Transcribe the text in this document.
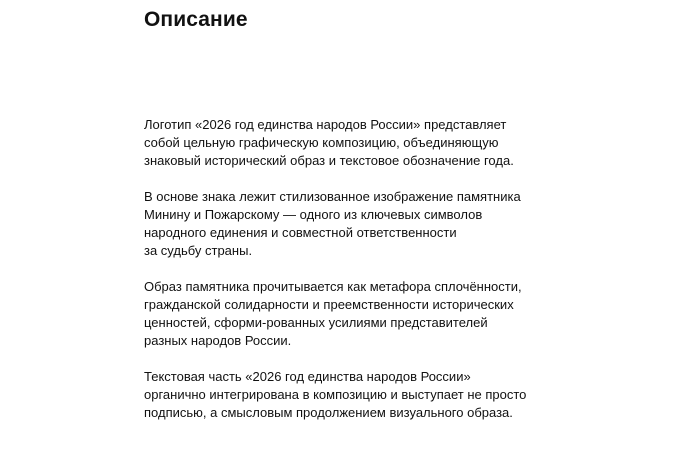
Описание

Логотип «2026 год единства народов России» представляет
собой цельную графическую композицию, объединяющую
знаковый исторический образ и текстовое обозначение года.

В основе знака лежит стилизованное изображение памятника
Минину и Пожарскому — одного из ключевых символов
народного единения и совместной ответственности
за судьбу страны.

Образ памятника прочитывается как метафора сплочённости,
гражданской солидарности и преемственности исторических
ценностей, сформи-рованных усилиями представителей
разных народов России.

Текстовая часть «2026 год единства народов России»
органично интегрирована в композицию и выступает не просто
подписью, а смысловым продолжением визуального образа.
